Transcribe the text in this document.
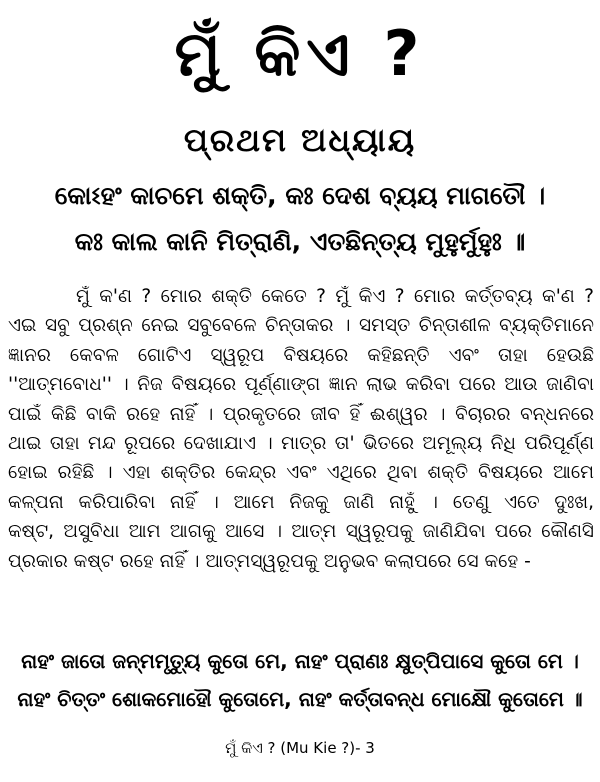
ମୁଁ କିଏ ?
ପ୍ରଥମ ଅଧ୍ୟାୟ
କୋଽହଂ କାଚମେ ଶକ୍ତି, କଃ ଦେଶ ବ୍ୟୟ ମାଗତୌ ।
କଃ କାଲ କାନି ମିତ୍ରାଣି, ଏତଛିନ୍ତ୍ୟ ମୁହୁର୍ମୁହୁଃ ॥
ମୁଁ କ'ଣ ? ମୋର ଶକ୍ତି କେତେ ? ମୁଁ କିଏ ? ମୋର କର୍ତ୍ତବ୍ୟ କ'ଣ ?
ଏଇ ସବୁ ପ୍ରଶ୍ନ ନେଇ ସବୁବେଳେ ଚିନ୍ତାକର । ସମସ୍ତ ଚିନ୍ତାଶୀଳ ବ୍ୟକ୍ତିମାନେ
ଜ୍ଞାନର କେବଳ ଗୋଟିଏ ସ୍ୱରୂପ ବିଷୟରେ କହିଛନ୍ତି ଏବଂ ତାହା ହେଉଛି
''ଆତ୍ମବୋଧ'' । ନିଜ ବିଷୟରେ ପୂର୍ଣ୍ଣାଙ୍ଗ ଜ୍ଞାନ ଲାଭ କରିବା ପରେ ଆଉ ଜାଣିବା
ପାଇଁ କିଛି ବାକି ରହେ ନାହିଁ । ପ୍ରକୃତରେ ଜୀବ ହିଁ ଈଶ୍ୱର । ବିଚାରର ବନ୍ଧନରେ
ଥାଇ ତାହା ମନ୍ଦ ରୂପରେ ଦେଖାଯାଏ । ମାତ୍ର ତା' ଭିତରେ ଅମୂଲ୍ୟ ନିଧି ପରିପୂର୍ଣ୍ଣ
ହୋଇ ରହିଛି । ଏହା ଶକ୍ତିର କେନ୍ଦ୍ର ଏବଂ ଏଥିରେ ଥିବା ଶକ୍ତି ବିଷୟରେ ଆମେ
କଳ୍ପନା କରିପାରିବା ନାହିଁ । ଆମେ ନିଜକୁ ଜାଣି ନାହୁଁ । ତେଣୁ ଏତେ ଦୁଃଖ,
କଷ୍ଟ, ଅସୁବିଧା ଆମ ଆଗକୁ ଆସେ । ଆତ୍ମ ସ୍ୱରୂପକୁ ଜାଣିଯିବା ପରେ କୌଣସି
ପ୍ରକାର କଷ୍ଟ ରହେ ନାହିଁ । ଆତ୍ମସ୍ୱରୂପକୁ ଅନୁଭବ କଲାପରେ ସେ କହେ -
ନାହଂ ଜାତୋ ଜନ୍ମମୃତ୍ୟୁ କୁତୋ ମେ, ନାହଂ ପ୍ରାଣଃ କ୍ଷୁତ୍ପିପାସେ କୁତୋ ମେ ।
ନାହଂ ଚିତ୍ତଂ ଶୋକମୋହୌ କୁତୋମେ, ନାହଂ କର୍ତ୍ତାବନ୍ଧ ମୋକ୍ଷୌ କୁତୋମେ ॥
ମୁଁ କିଏ ? (Mu Kie ?)- 3
